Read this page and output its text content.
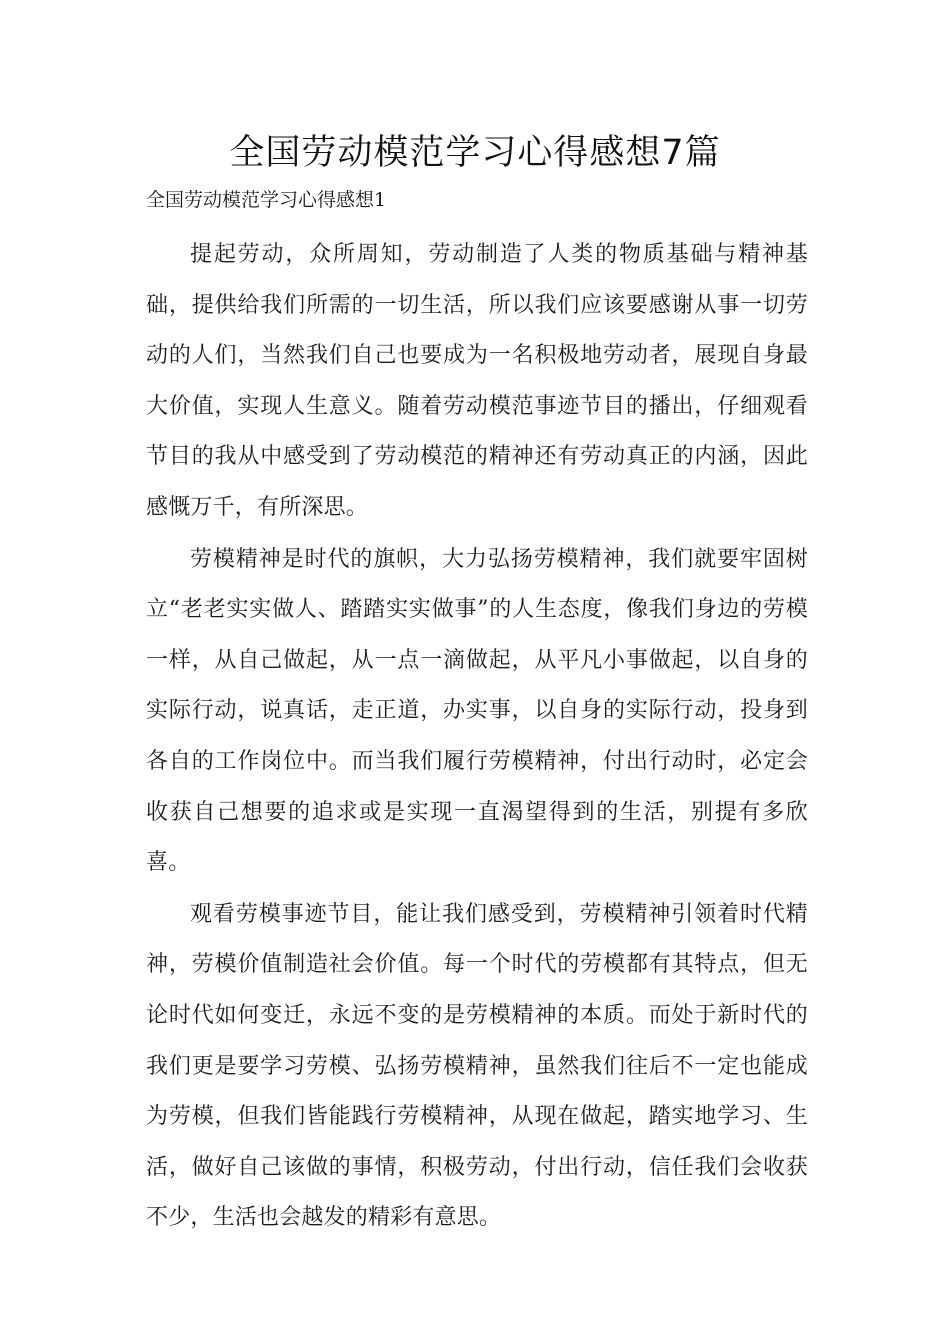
全国劳动模范学习心得感想7篇

全国劳动模范学习心得感想1

提起劳动，众所周知，劳动制造了人类的物质基础与精神基础，提供给我们所需的一切生活，所以我们应该要感谢从事一切劳动的人们，当然我们自己也要成为一名积极地劳动者，展现自身最大价值，实现人生意义。随着劳动模范事迹节目的播出，仔细观看节目的我从中感受到了劳动模范的精神还有劳动真正的内涵，因此感慨万千，有所深思。

劳模精神是时代的旗帜，大力弘扬劳模精神，我们就要牢固树立“老老实实做人、踏踏实实做事”的人生态度，像我们身边的劳模一样，从自己做起，从一点一滴做起，从平凡小事做起，以自身的实际行动，说真话，走正道，办实事，以自身的实际行动，投身到各自的工作岗位中。而当我们履行劳模精神，付出行动时，必定会收获自己想要的追求或是实现一直渴望得到的生活，别提有多欣喜。

观看劳模事迹节目，能让我们感受到，劳模精神引领着时代精神，劳模价值制造社会价值。每一个时代的劳模都有其特点，但无论时代如何变迁，永远不变的是劳模精神的本质。而处于新时代的我们更是要学习劳模、弘扬劳模精神，虽然我们往后不一定也能成为劳模，但我们皆能践行劳模精神，从现在做起，踏实地学习、生活，做好自己该做的事情，积极劳动，付出行动，信任我们会收获不少，生活也会越发的精彩有意思。
